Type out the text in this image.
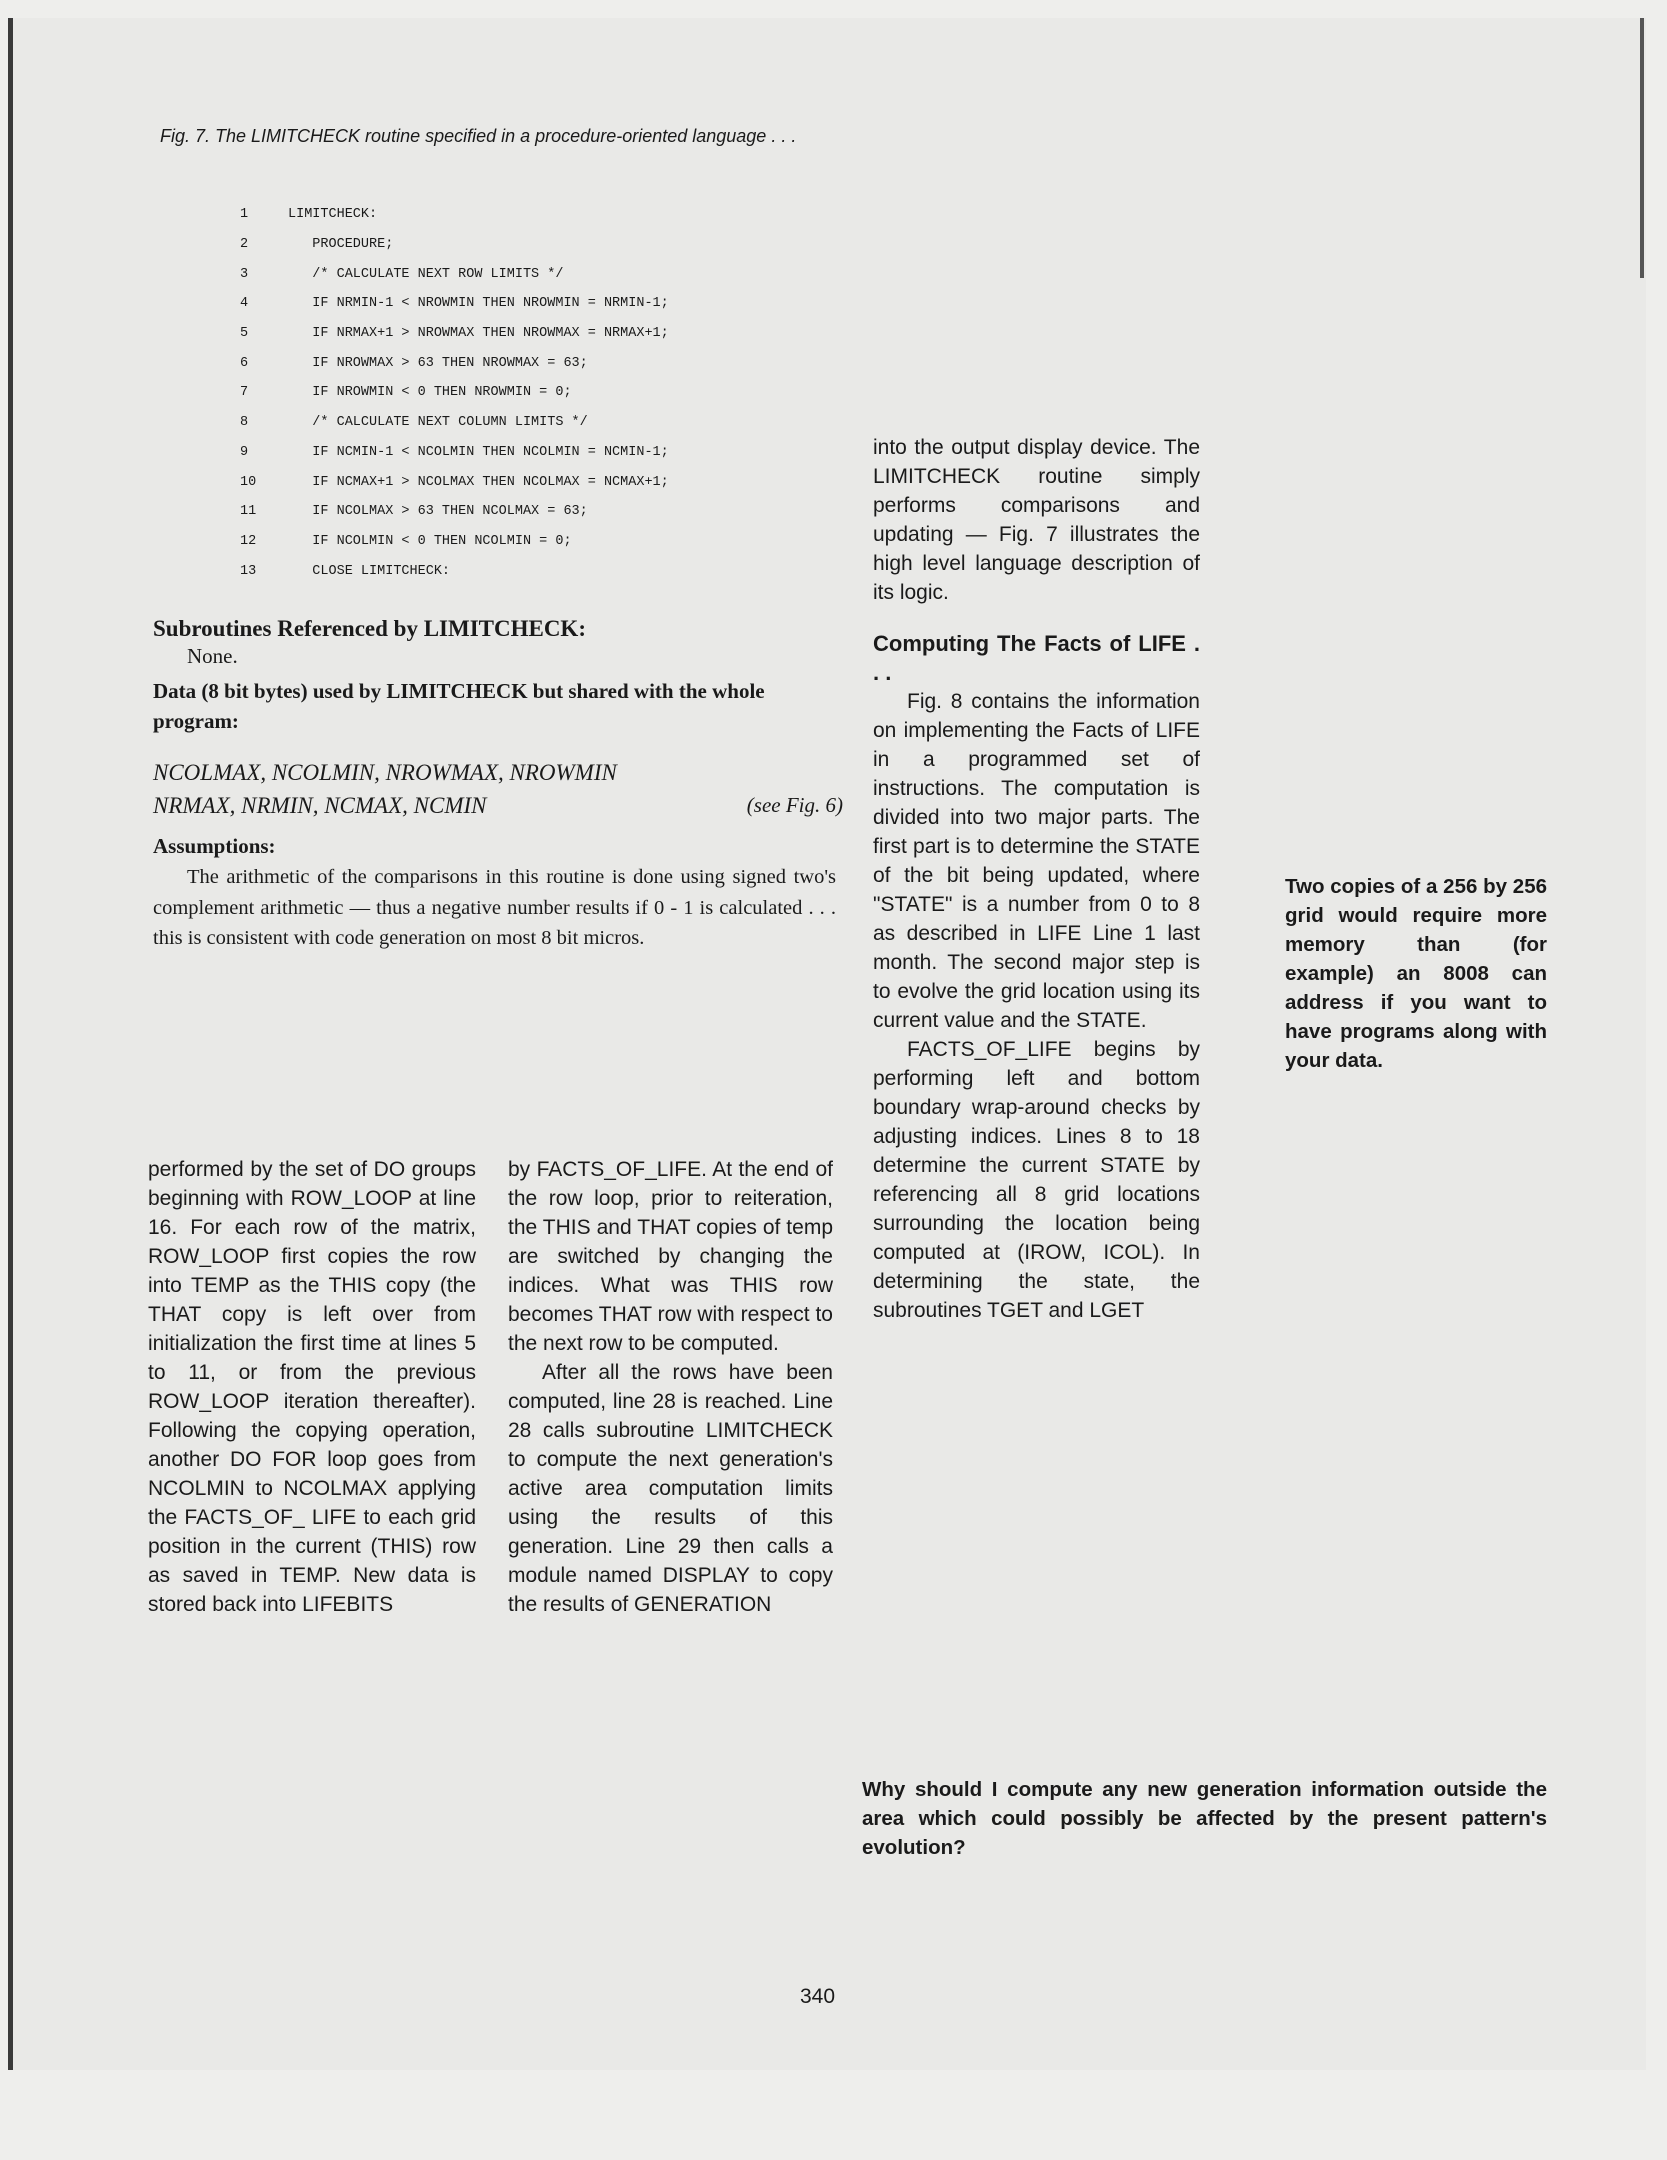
Fig. 7. The LIMITCHECK routine specified in a procedure-oriented language . . .
1	LIMITCHECK:
2	PROCEDURE;
3	/* CALCULATE NEXT ROW LIMITS */
4	IF NRMIN-1 < NROWMIN THEN NROWMIN = NRMIN-1;
5	IF NRMAX+1 > NROWMAX THEN NROWMAX = NRMAX+1;
6	IF NROWMAX > 63 THEN NROWMAX = 63;
7	IF NROWMIN < 0 THEN NROWMIN = 0;
8	/* CALCULATE NEXT COLUMN LIMITS */
9	IF NCMIN-1 < NCOLMIN THEN NCOLMIN = NCMIN-1;
10	IF NCMAX+1 > NCOLMAX THEN NCOLMAX = NCMAX+1;
11	IF NCOLMAX > 63 THEN NCOLMAX = 63;
12	IF NCOLMIN < 0 THEN NCOLMIN = 0;
13	CLOSE LIMITCHECK:
Subroutines Referenced by LIMITCHECK:
None.
Data (8 bit bytes) used by LIMITCHECK but shared with the whole program:
NCOLMAX, NCOLMIN, NROWMAX, NROWMIN
NRMAX, NRMIN, NCMAX, NCMIN	(see Fig. 6)
Assumptions:
The arithmetic of the comparisons in this routine is done using signed two's complement arithmetic — thus a negative number results if 0 - 1 is calculated . . . this is consistent with code generation on most 8 bit micros.

performed by the set of DO groups beginning with ROW_LOOP at line 16. For each row of the matrix, ROW_LOOP first copies the row into TEMP as the THIS copy (the THAT copy is left over from initialization the first time at lines 5 to 11, or from the previous ROW_LOOP iteration thereafter). Following the copying operation, another DO FOR loop goes from NCOLMIN to NCOLMAX applying the FACTS_OF_ LIFE to each grid position in the current (THIS) row as saved in TEMP. New data is stored back into LIFEBITS

by FACTS_OF_LIFE. At the end of the row loop, prior to reiteration, the THIS and THAT copies of temp are switched by changing the indices. What was THIS row becomes THAT row with respect to the next row to be computed.

After all the rows have been computed, line 28 is reached. Line 28 calls subroutine LIMITCHECK to compute the next generation's active area computation limits using the results of this generation. Line 29 then calls a module named DISPLAY to copy the results of GENERATION

into the output display device. The LIMITCHECK routine simply performs comparisons and updating — Fig. 7 illustrates the high level language description of its logic.

Computing The Facts of LIFE . . .

Fig. 8 contains the information on implementing the Facts of LIFE in a programmed set of instructions. The computation is divided into two major parts. The first part is to determine the STATE of the bit being updated, where "STATE" is a number from 0 to 8 as described in LIFE Line 1 last month. The second major step is to evolve the grid location using its current value and the STATE.

FACTS_OF_LIFE begins by performing left and bottom boundary wrap-around checks by adjusting indices. Lines 8 to 18 determine the current STATE by referencing all 8 grid locations surrounding the location being computed at (IROW, ICOL). In determining the state, the subroutines TGET and LGET

Two copies of a 256 by 256 grid would require more memory than (for example) an 8008 can address if you want to have programs along with your data.
Why should I compute any new generation information outside the area which could possibly be affected by the present pattern's evolution?
340
